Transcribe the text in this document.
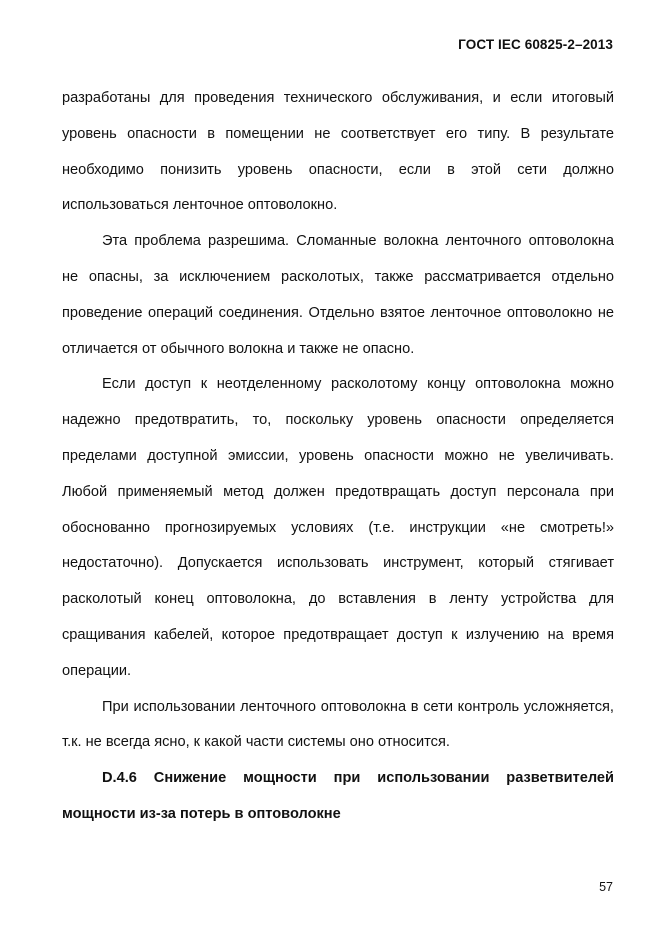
ГОСТ IEC 60825-2–2013

разработаны для проведения технического обслуживания, и если итоговый уровень опасности в помещении не соответствует его типу. В результате необходимо понизить уровень опасности, если в этой сети должно использоваться ленточное оптоволокно.

Эта проблема разрешима. Сломанные волокна ленточного оптоволокна не опасны, за исключением расколотых, также рассматривается отдельно проведение операций соединения. Отдельно взятое ленточное оптоволокно не отличается от обычного волокна и также не опасно.

Если доступ к неотделенному расколотому концу оптоволокна можно надежно предотвратить, то, поскольку уровень опасности определяется пределами доступной эмиссии, уровень опасности можно не увеличивать. Любой применяемый метод должен предотвращать доступ персонала при обоснованно прогнозируемых условиях (т.е. инструкции «не смотреть!» недостаточно). Допускается использовать инструмент, который стягивает расколотый конец оптоволокна, до вставления в ленту устройства для сращивания кабелей, которое предотвращает доступ к излучению на время операции.

При использовании ленточного оптоволокна в сети контроль усложняется, т.к. не всегда ясно, к какой части системы оно относится.

D.4.6 Снижение мощности при использовании разветвителей мощности из-за потерь в оптоволокне

57
